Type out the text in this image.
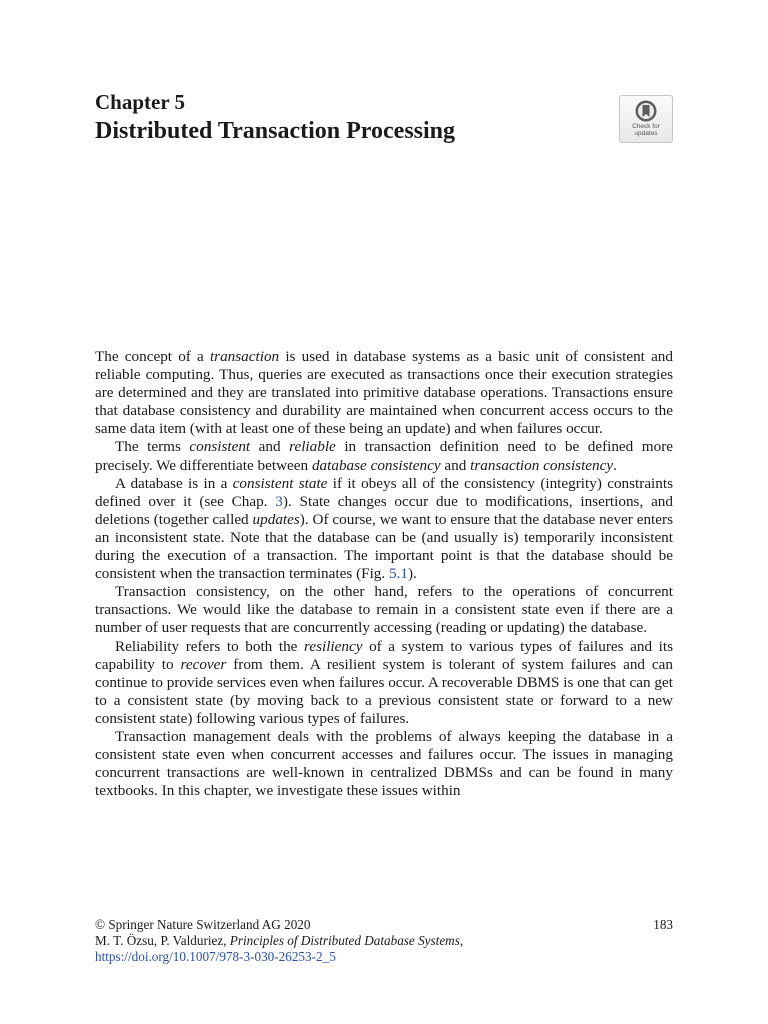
Chapter 5
Distributed Transaction Processing	Check for
updates

The concept of a transaction is used in database systems as a basic unit of consistent and reliable computing. Thus, queries are executed as transactions once their execution strategies are determined and they are translated into primitive database operations. Transactions ensure that database consistency and durability are maintained when concurrent access occurs to the same data item (with at least one of these being an update) and when failures occur.

The terms consistent and reliable in transaction definition need to be defined more precisely. We differentiate between database consistency and transaction consistency.

A database is in a consistent state if it obeys all of the consistency (integrity) constraints defined over it (see Chap. 3). State changes occur due to modifications, insertions, and deletions (together called updates). Of course, we want to ensure that the database never enters an inconsistent state. Note that the database can be (and usually is) temporarily inconsistent during the execution of a transaction. The important point is that the database should be consistent when the transaction terminates (Fig. 5.1).

Transaction consistency, on the other hand, refers to the operations of concurrent transactions. We would like the database to remain in a consistent state even if there are a number of user requests that are concurrently accessing (reading or updating) the database.

Reliability refers to both the resiliency of a system to various types of failures and its capability to recover from them. A resilient system is tolerant of system failures and can continue to provide services even when failures occur. A recoverable DBMS is one that can get to a consistent state (by moving back to a previous consistent state or forward to a new consistent state) following various types of failures.

Transaction management deals with the problems of always keeping the database in a consistent state even when concurrent accesses and failures occur. The issues in managing concurrent transactions are well-known in centralized DBMSs and can be found in many textbooks. In this chapter, we investigate these issues within

© Springer Nature Switzerland AG 2020	183
M. T. Özsu, P. Valduriez, Principles of Distributed Database Systems,
https://doi.org/10.1007/978-3-030-26253-2_5
